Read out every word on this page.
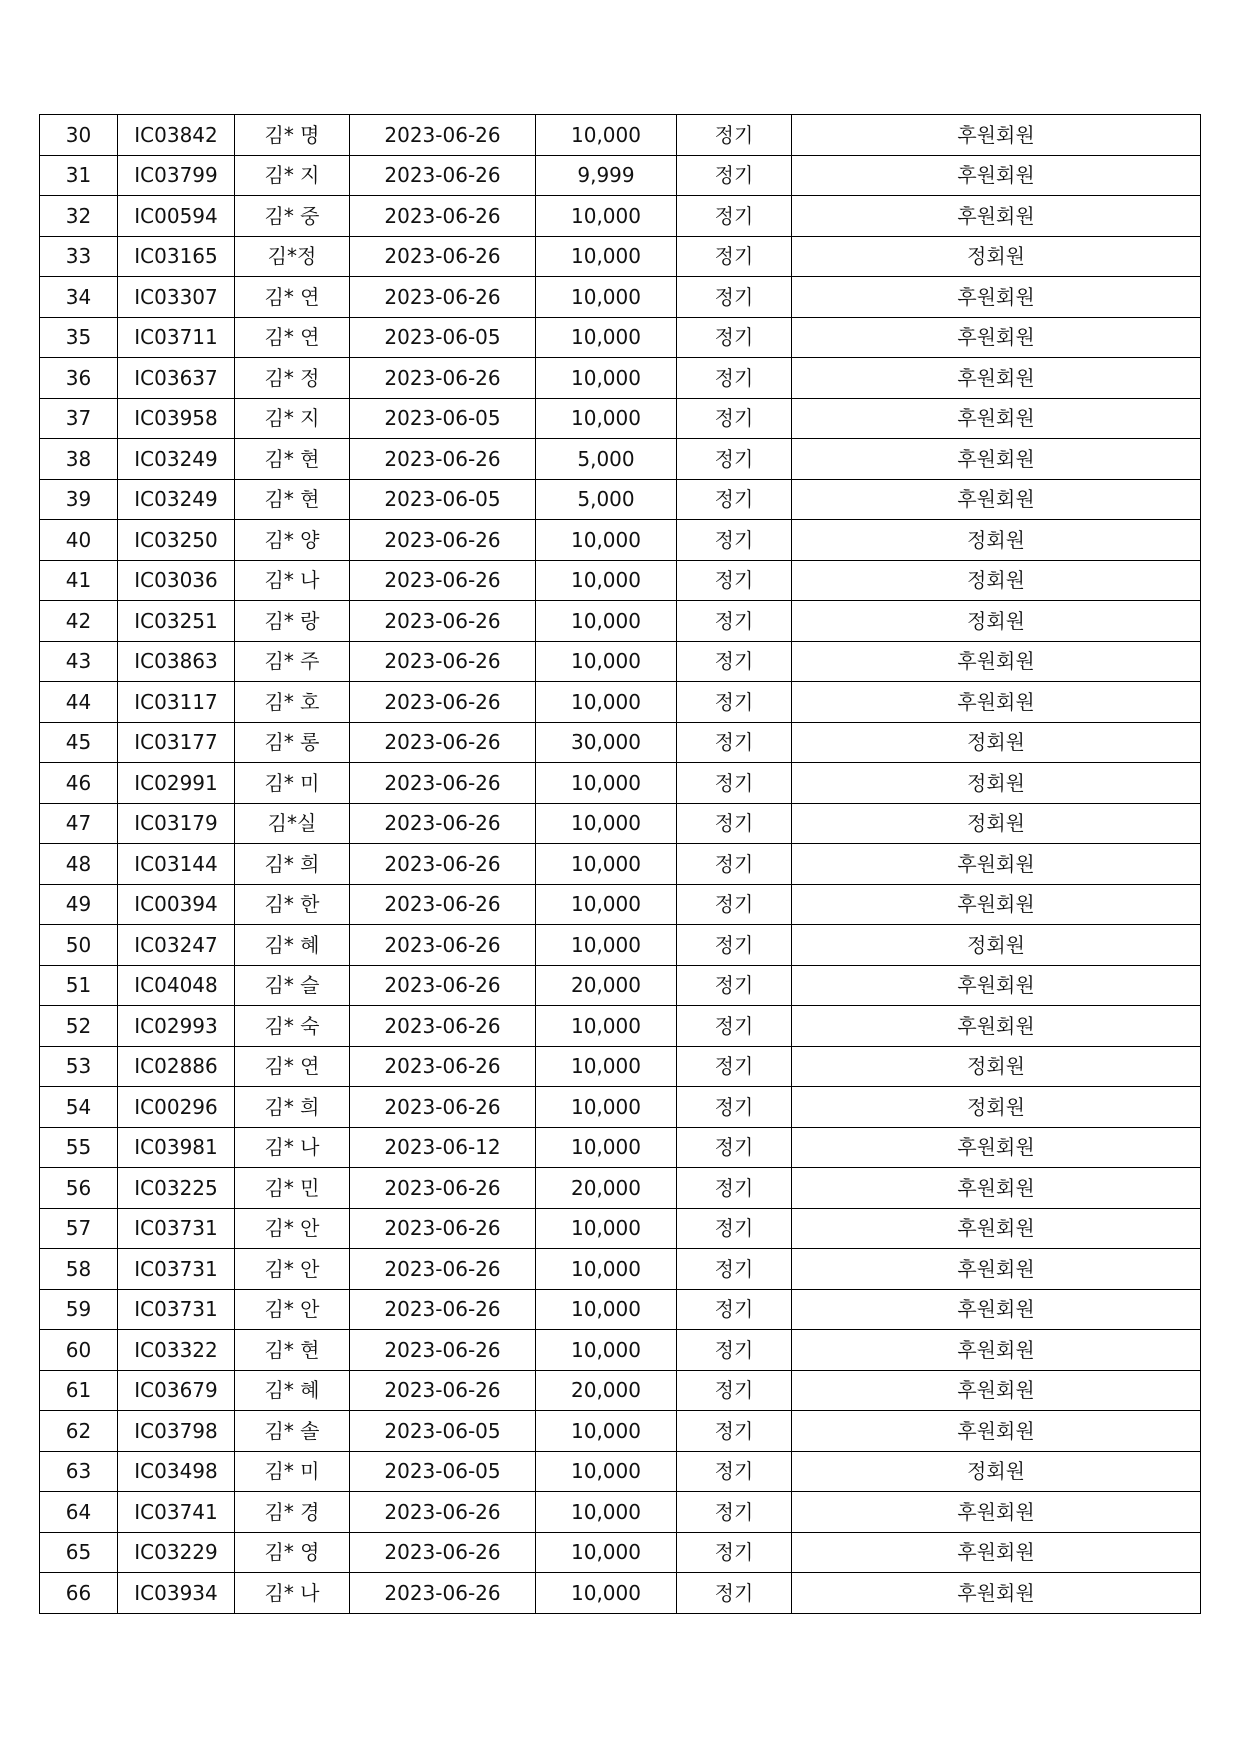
30	IC03842	김* 명	2023-06-26	10,000	정기	후원회원
31	IC03799	김* 지	2023-06-26	9,999	정기	후원회원
32	IC00594	김* 중	2023-06-26	10,000	정기	후원회원
33	IC03165	김*정	2023-06-26	10,000	정기	정회원
34	IC03307	김* 연	2023-06-26	10,000	정기	후원회원
35	IC03711	김* 연	2023-06-05	10,000	정기	후원회원
36	IC03637	김* 정	2023-06-26	10,000	정기	후원회원
37	IC03958	김* 지	2023-06-05	10,000	정기	후원회원
38	IC03249	김* 현	2023-06-26	5,000	정기	후원회원
39	IC03249	김* 현	2023-06-05	5,000	정기	후원회원
40	IC03250	김* 양	2023-06-26	10,000	정기	정회원
41	IC03036	김* 나	2023-06-26	10,000	정기	정회원
42	IC03251	김* 랑	2023-06-26	10,000	정기	정회원
43	IC03863	김* 주	2023-06-26	10,000	정기	후원회원
44	IC03117	김* 호	2023-06-26	10,000	정기	후원회원
45	IC03177	김* 롱	2023-06-26	30,000	정기	정회원
46	IC02991	김* 미	2023-06-26	10,000	정기	정회원
47	IC03179	김*실	2023-06-26	10,000	정기	정회원
48	IC03144	김* 희	2023-06-26	10,000	정기	후원회원
49	IC00394	김* 한	2023-06-26	10,000	정기	후원회원
50	IC03247	김* 혜	2023-06-26	10,000	정기	정회원
51	IC04048	김* 슬	2023-06-26	20,000	정기	후원회원
52	IC02993	김* 숙	2023-06-26	10,000	정기	후원회원
53	IC02886	김* 연	2023-06-26	10,000	정기	정회원
54	IC00296	김* 희	2023-06-26	10,000	정기	정회원
55	IC03981	김* 나	2023-06-12	10,000	정기	후원회원
56	IC03225	김* 민	2023-06-26	20,000	정기	후원회원
57	IC03731	김* 안	2023-06-26	10,000	정기	후원회원
58	IC03731	김* 안	2023-06-26	10,000	정기	후원회원
59	IC03731	김* 안	2023-06-26	10,000	정기	후원회원
60	IC03322	김* 현	2023-06-26	10,000	정기	후원회원
61	IC03679	김* 혜	2023-06-26	20,000	정기	후원회원
62	IC03798	김* 솔	2023-06-05	10,000	정기	후원회원
63	IC03498	김* 미	2023-06-05	10,000	정기	정회원
64	IC03741	김* 경	2023-06-26	10,000	정기	후원회원
65	IC03229	김* 영	2023-06-26	10,000	정기	후원회원
66	IC03934	김* 나	2023-06-26	10,000	정기	후원회원
